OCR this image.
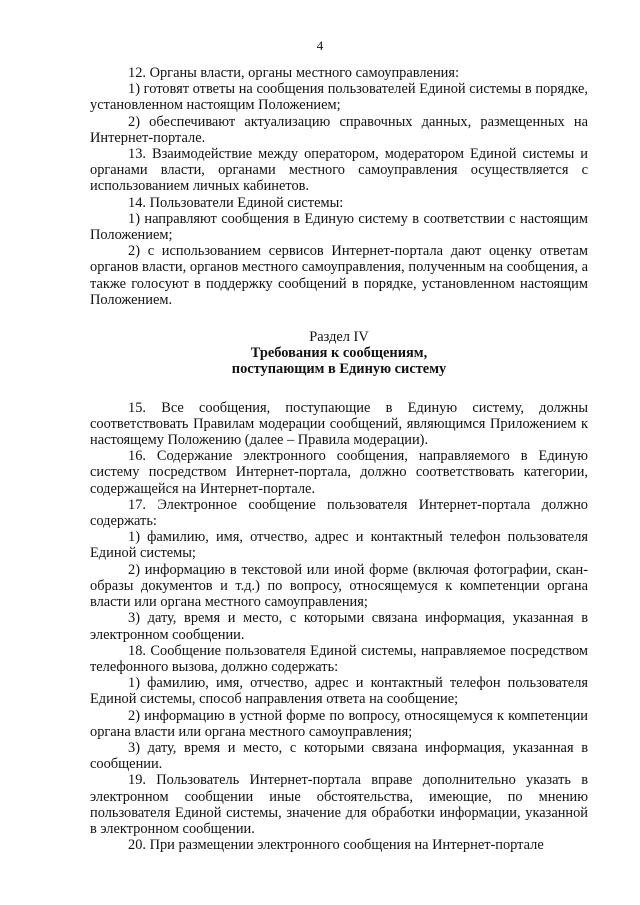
4

12. Органы власти, органы местного самоуправления:

1) готовят ответы на сообщения пользователей Единой системы в порядке, установленном настоящим Положением;

2) обеспечивают актуализацию справочных данных, размещенных на Интернет-портале.

13. Взаимодействие между оператором, модератором Единой системы и органами власти, органами местного самоуправления осуществляется с использованием личных кабинетов.

14. Пользователи Единой системы:

1) направляют сообщения в Единую систему в соответствии с настоящим Положением;

2) с использованием сервисов Интернет-портала дают оценку ответам органов власти, органов местного самоуправления, полученным на сообщения, а также голосуют в поддержку сообщений в порядке, установленном настоящим Положением.

Раздел IV
Требования к сообщениям,
поступающим в Единую систему

15. Все сообщения, поступающие в Единую систему, должны соответствовать Правилам модерации сообщений, являющимся Приложением к настоящему Положению (далее – Правила модерации).

16. Содержание электронного сообщения, направляемого в Единую систему посредством Интернет-портала, должно соответствовать категории, содержащейся на Интернет-портале.

17. Электронное сообщение пользователя Интернет-портала должно содержать:

1) фамилию, имя, отчество, адрес и контактный телефон пользователя Единой системы;

2) информацию в текстовой или иной форме (включая фотографии, скан-образы документов и т.д.) по вопросу, относящемуся к компетенции органа власти или органа местного самоуправления;

3) дату, время и место, с которыми связана информация, указанная в электронном сообщении.

18. Сообщение пользователя Единой системы, направляемое посредством телефонного вызова, должно содержать:

1) фамилию, имя, отчество, адрес и контактный телефон пользователя Единой системы, способ направления ответа на сообщение;

2) информацию в устной форме по вопросу, относящемуся к компетенции органа власти или органа местного самоуправления;

3) дату, время и место, с которыми связана информация, указанная в сообщении.

19. Пользователь Интернет-портала вправе дополнительно указать в электронном сообщении иные обстоятельства, имеющие, по мнению пользователя Единой системы, значение для обработки информации, указанной в электронном сообщении.

20. При размещении электронного сообщения на Интернет-портале
